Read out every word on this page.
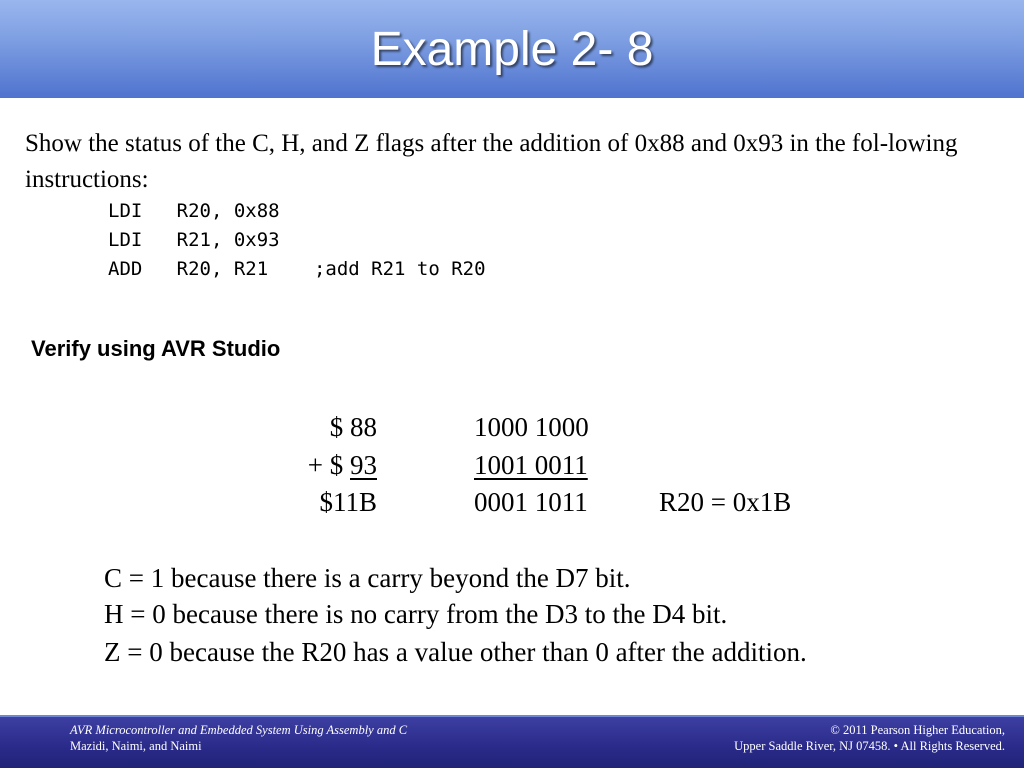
Example 2- 8
Show the status of the C, H, and Z flags after the addition of 0x88 and 0x93 in the fol-lowing instructions:
LDI R20, 0x88
LDI R21, 0x93
ADD R20, R21 ;add R21 to R20
Verify using AVR Studio
$ 88
+ $ 93
$11B
1000 1000
1001 0011
0001 1011	R20 = 0x1B
C = 1 because there is a carry beyond the D7 bit.
H = 0 because there is no carry from the D3 to the D4 bit.
Z = 0 because the R20 has a value other than 0 after the addition.
AVR Microcontroller and Embedded System Using Assembly and C
Mazidi, Naimi, and Naimi
© 2011 Pearson Higher Education,
Upper Saddle River, NJ 07458. • All Rights Reserved.
